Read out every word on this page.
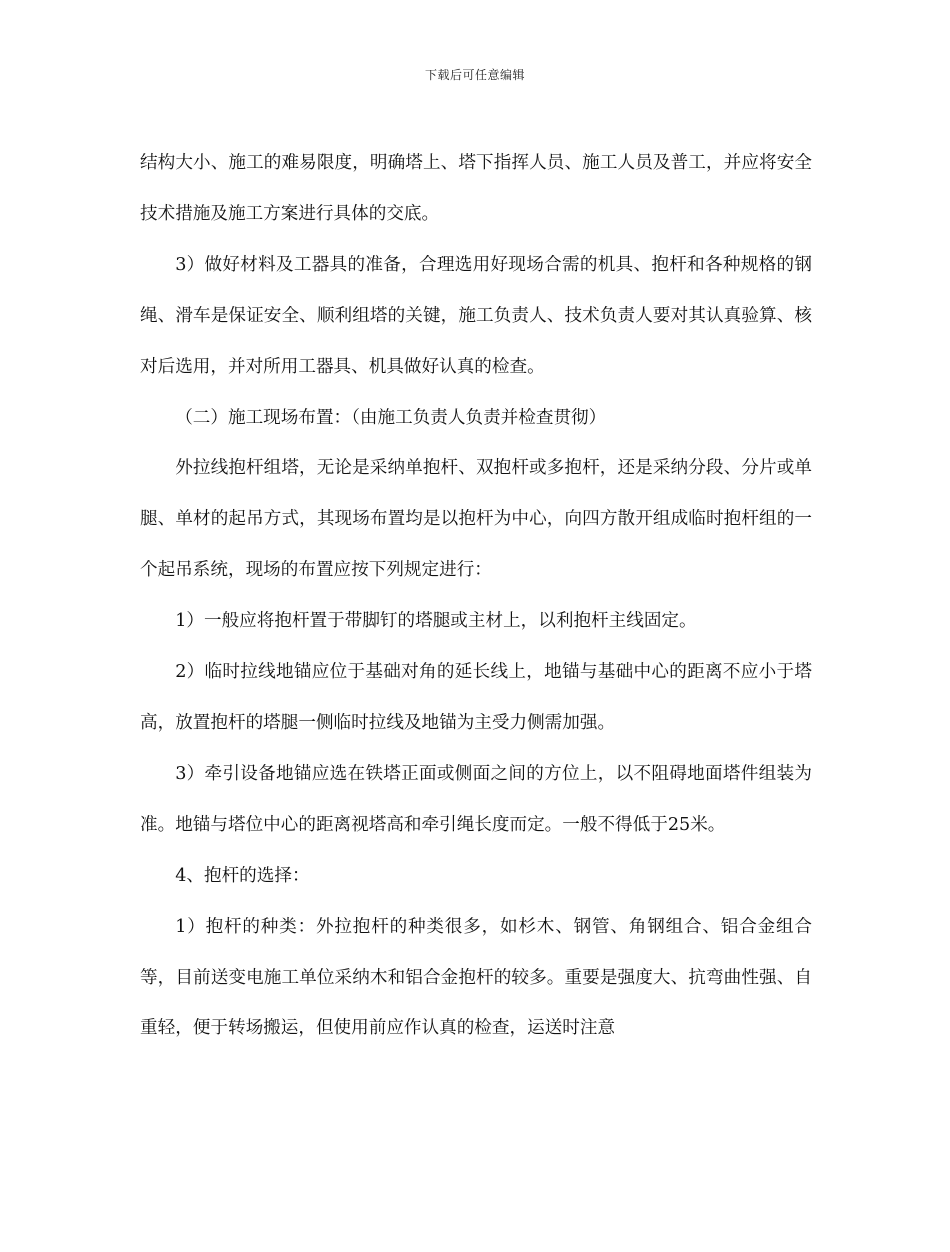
下载后可任意编辑

结构大小、施工的难易限度，明确塔上、塔下指挥人员、施工人员及普工，并应将安全技术措施及施工方案进行具体的交底。

3）做好材料及工器具的准备，合理选用好现场合需的机具、抱杆和各种规格的钢绳、滑车是保证安全、顺利组塔的关键，施工负责人、技术负责人要对其认真验算、核对后选用，并对所用工器具、机具做好认真的检查。

（二）施工现场布置：（由施工负责人负责并检查贯彻）

外拉线抱杆组塔，无论是采纳单抱杆、双抱杆或多抱杆，还是采纳分段、分片或单腿、单材的起吊方式，其现场布置均是以抱杆为中心，向四方散开组成临时抱杆组的一个起吊系统，现场的布置应按下列规定进行：

1）一般应将抱杆置于带脚钉的塔腿或主材上，以利抱杆主线固定。

2）临时拉线地锚应位于基础对角的延长线上，地锚与基础中心的距离不应小于塔高，放置抱杆的塔腿一侧临时拉线及地锚为主受力侧需加强。

3）牵引设备地锚应选在铁塔正面或侧面之间的方位上，以不阻碍地面塔件组装为准。地锚与塔位中心的距离视塔高和牵引绳长度而定。一般不得低于25米。

4、抱杆的选择：

1）抱杆的种类：外拉抱杆的种类很多，如杉木、钢管、角钢组合、铝合金组合等，目前送变电施工单位采纳木和铝合金抱杆的较多。重要是强度大、抗弯曲性强、自重轻，便于转场搬运，但使用前应作认真的检查，运送时注意
